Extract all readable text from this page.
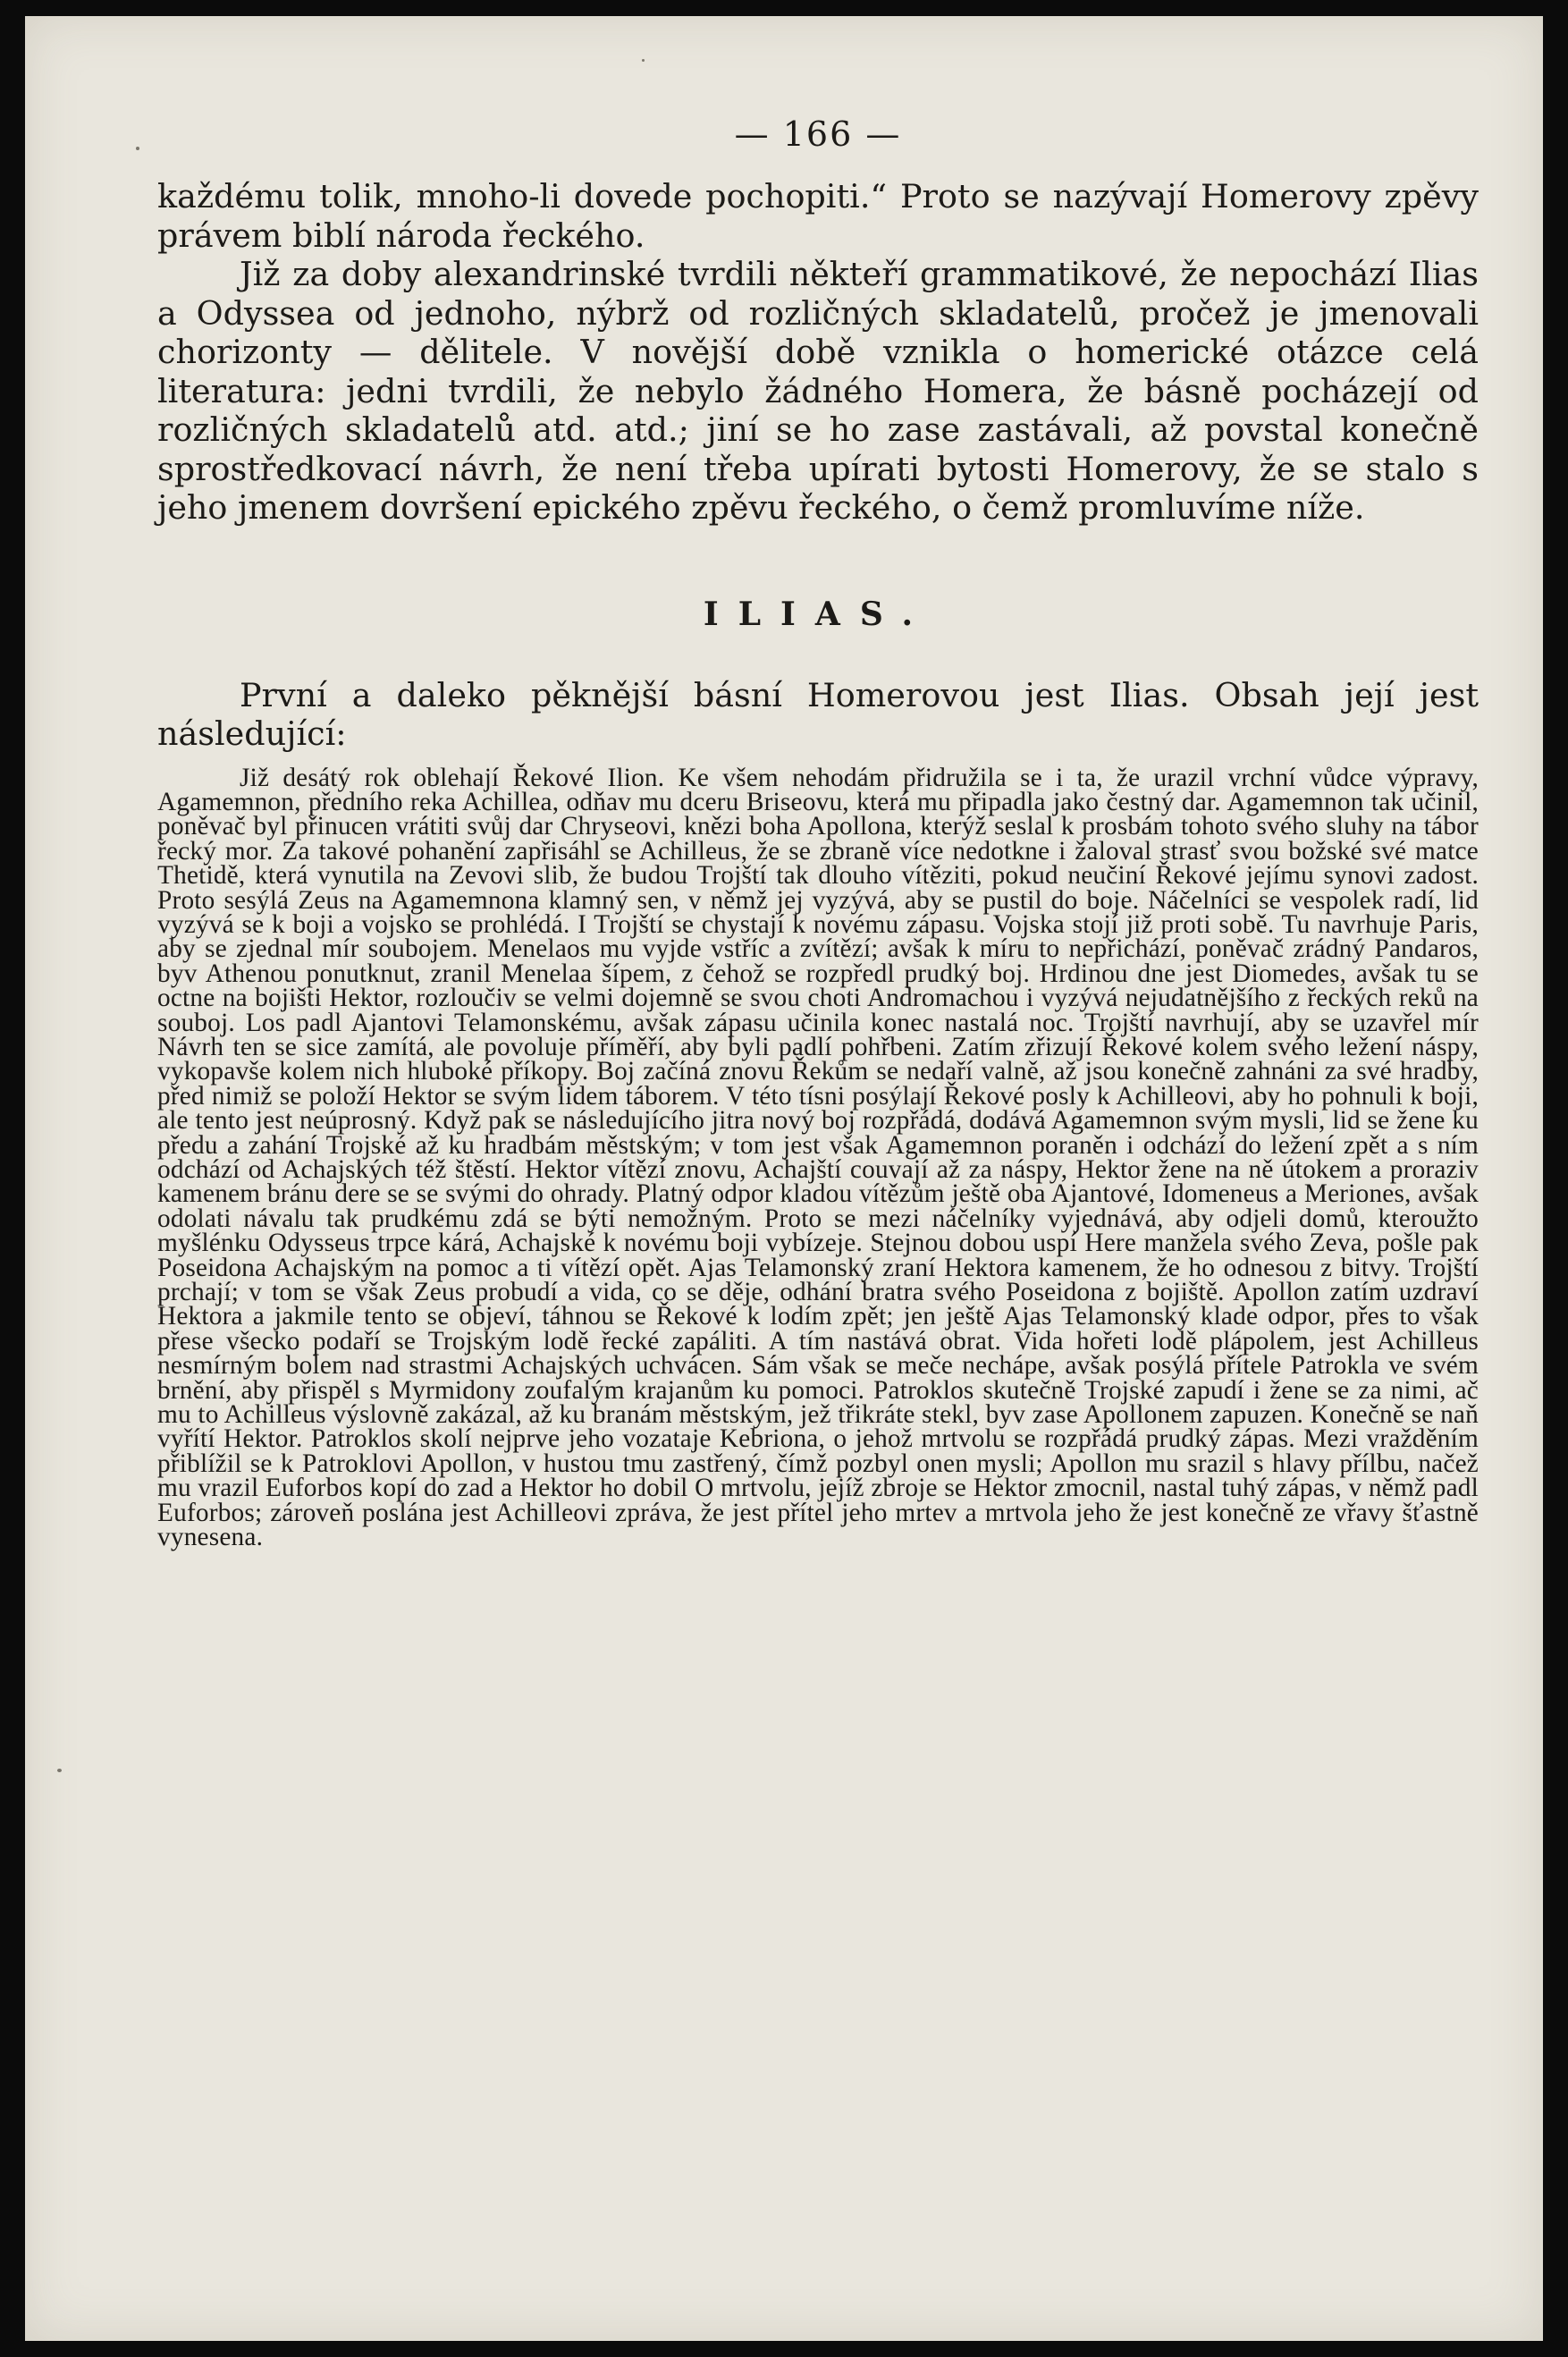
— 166 —

každému tolik, mnoho-li dovede pochopiti.“ Proto se nazývají Homerovy zpěvy právem biblí národa řeckého.

Již za doby alexandrinské tvrdili někteří grammatikové, že nepochází Ilias a Odyssea od jednoho, nýbrž od rozličných skladatelů, pročež je jmenovali chorizonty — dělitele. V novější době vznikla o homerické otázce celá literatura: jedni tvrdili, že nebylo žádného Homera, že básně pocházejí od rozličných skladatelů atd. atd.; jiní se ho zase zastávali, až povstal konečně sprostředkovací návrh, že není třeba upírati bytosti Homerovy, že se stalo s jeho jmenem dovršení epického zpěvu řeckého, o čemž promluvíme níže.

ILIAS.

První a daleko pěknější básní Homerovou jest Ilias. Obsah její jest následující:

Již desátý rok oblehají Řekové Ilion. Ke všem nehodám přidružila se i ta, že urazil vrchní vůdce výpravy, Agamemnon, předního reka Achillea, odňav mu dceru Briseovu, která mu připadla jako čestný dar. Agamemnon tak učinil, poněvač byl přinucen vrátiti svůj dar Chryseovi, knězi boha Apollona, kterýž seslal k prosbám tohoto svého sluhy na tábor řecký mor. Za takové pohanění zapřisáhl se Achilleus, že se zbraně více nedotkne i žaloval strasť svou božské své matce Thetidě, která vynutila na Zevovi slib, že budou Trojští tak dlouho vítěziti, pokud neučiní Řekové jejímu synovi zadost. Proto sesýlá Zeus na Agamemnona klamný sen, v němž jej vyzývá, aby se pustil do boje. Náčelníci se vespolek radí, lid vyzývá se k boji a vojsko se prohlédá. I Trojští se chystají k novému zápasu. Vojska stojí již proti sobě. Tu navrhuje Paris, aby se zjednal mír soubojem. Menelaos mu vyjde vstříc a zvítězí; avšak k míru to nepřichází, poněvač zrádný Pandaros, byv Athenou ponutknut, zranil Menelaa šípem, z čehož se rozpředl prudký boj. Hrdinou dne jest Diomedes, avšak tu se octne na bojišti Hektor, rozloučiv se velmi dojemně se svou choti Andromachou i vyzývá nejudatnějšího z řeckých reků na souboj. Los padl Ajantovi Telamonskému, avšak zápasu učinila konec nastalá noc. Trojští navrhují, aby se uzavřel mír Návrh ten se sice zamítá, ale povoluje příměří, aby byli padlí pohřbeni. Zatím zřizují Řekové kolem svého ležení náspy, vykopavše kolem nich hluboké příkopy. Boj začíná znovu Řekům se nedaří valně, až jsou konečně zahnáni za své hradby, před nimiž se položí Hektor se svým lidem táborem. V této tísni posýlají Řekové posly k Achilleovi, aby ho pohnuli k boji, ale tento jest neúprosný. Když pak se následujícího jitra nový boj rozpřádá, dodává Agamemnon svým mysli, lid se žene ku předu a zahání Trojské až ku hradbám městským; v tom jest však Agamemnon poraněn i odchází do ležení zpět a s ním odchází od Achajských též štěstí. Hektor vítězí znovu, Achajští couvají až za náspy, Hektor žene na ně útokem a proraziv kamenem bránu dere se se svými do ohrady. Platný odpor kladou vítězům ještě oba Ajantové, Idomeneus a Meriones, avšak odolati návalu tak prudkému zdá se býti nemožným. Proto se mezi náčelníky vyjednává, aby odjeli domů, kteroužto myšlénku Odysseus trpce kárá, Achajské k novému boji vybízeje. Stejnou dobou uspí Here manžela svého Zeva, pošle pak Poseidona Achajským na pomoc a ti vítězí opět. Ajas Telamonský zraní Hektora kamenem, že ho odnesou z bitvy. Trojští prchají; v tom se však Zeus probudí a vida, co se děje, odhání bratra svého Poseidona z bojiště. Apollon zatím uzdraví Hektora a jakmile tento se objeví, táhnou se Řekové k lodím zpět; jen ještě Ajas Telamonský klade odpor, přes to však přese všecko podaří se Trojským lodě řecké zapáliti. A tím nastává obrat. Vida hořeti lodě plápolem, jest Achilleus nesmírným bolem nad strastmi Achajských uchvácen. Sám však se meče nechápe, avšak posýlá přítele Patrokla ve svém brnění, aby přispěl s Myrmidony zoufalým krajanům ku pomoci. Patroklos skutečně Trojské zapudí i žene se za nimi, ač mu to Achilleus výslovně zakázal, až ku branám městským, jež třikráte stekl, byv zase Apollonem zapuzen. Konečně se naň vyřítí Hektor. Patroklos skolí nejprve jeho vozataje Kebriona, o jehož mrtvolu se rozpřádá prudký zápas. Mezi vražděním přiblížil se k Patroklovi Apollon, v hustou tmu zastřený, čímž pozbyl onen mysli; Apollon mu srazil s hlavy přílbu, načež mu vrazil Euforbos kopí do zad a Hektor ho dobil O mrtvolu, jejíž zbroje se Hektor zmocnil, nastal tuhý zápas, v němž padl Euforbos; zároveň poslána jest Achilleovi zpráva, že jest přítel jeho mrtev a mrtvola jeho že jest konečně ze vřavy šťastně vynesena.
